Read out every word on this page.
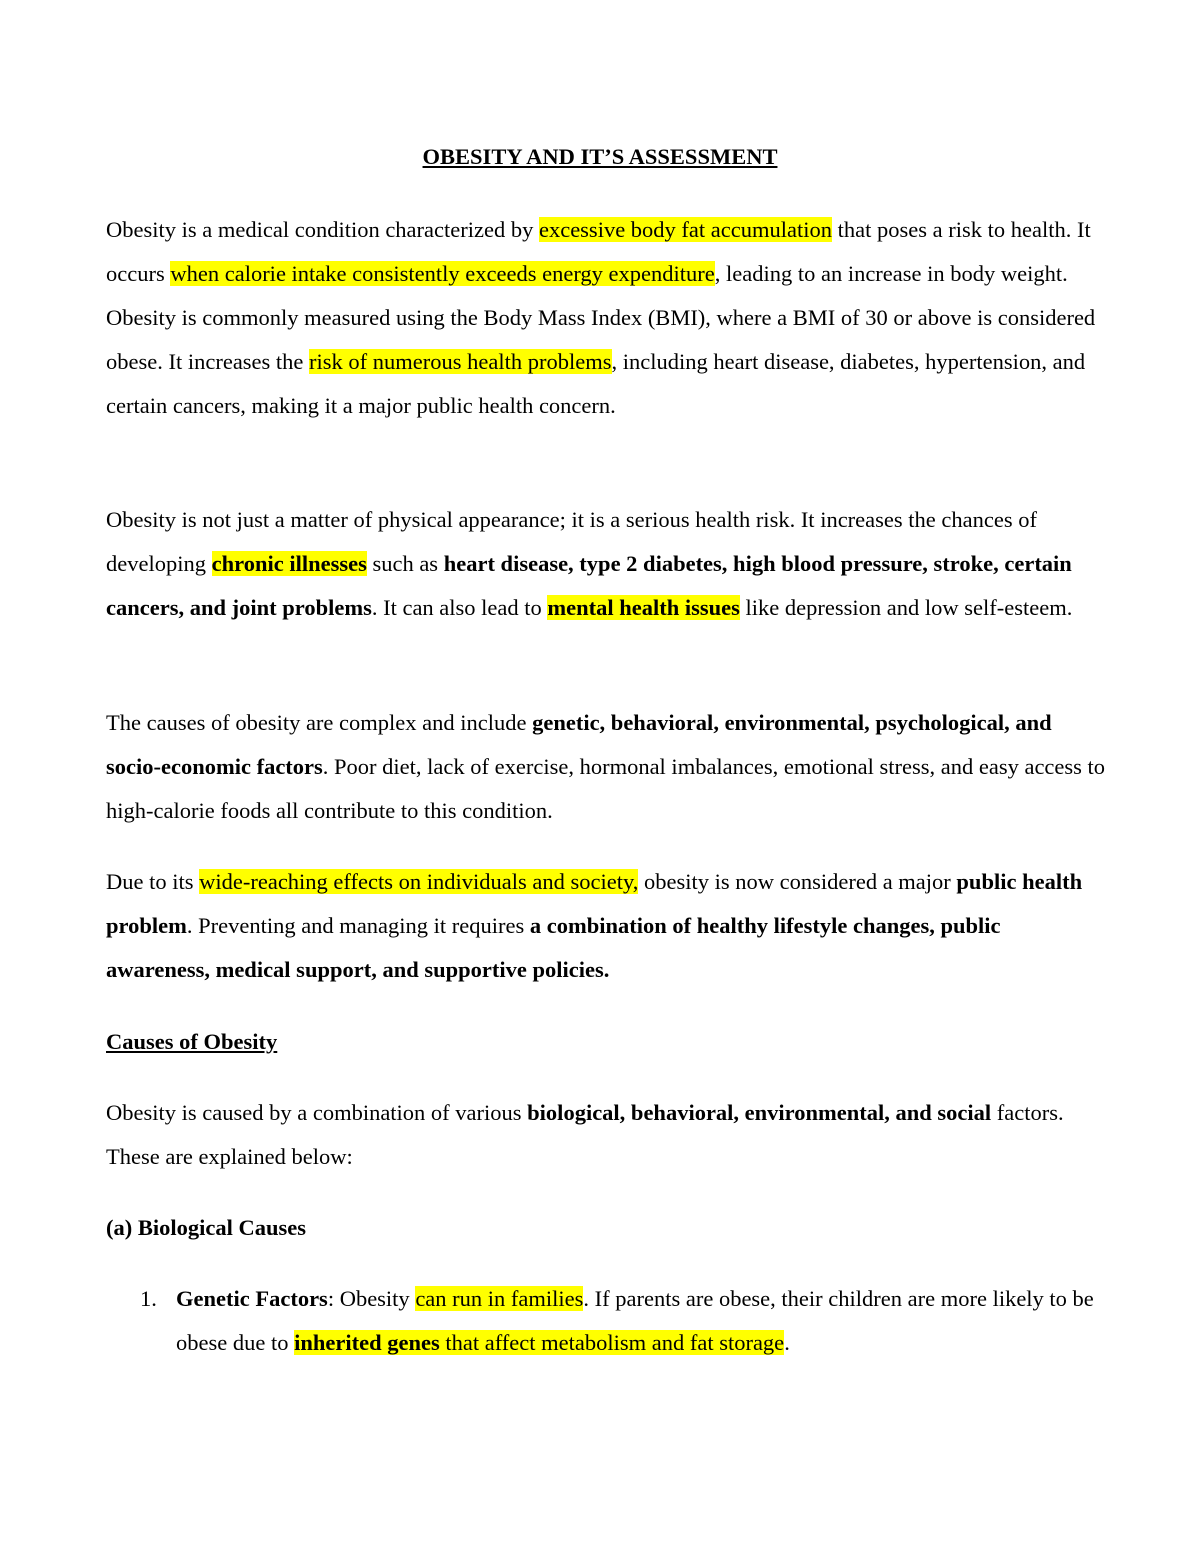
OBESITY AND IT’S ASSESSMENT
Obesity is a medical condition characterized by excessive body fat accumulation that poses a risk to health. It occurs when calorie intake consistently exceeds energy expenditure, leading to an increase in body weight. Obesity is commonly measured using the Body Mass Index (BMI), where a BMI of 30 or above is considered obese. It increases the risk of numerous health problems, including heart disease, diabetes, hypertension, and certain cancers, making it a major public health concern.
Obesity is not just a matter of physical appearance; it is a serious health risk. It increases the chances of developing chronic illnesses such as heart disease, type 2 diabetes, high blood pressure, stroke, certain cancers, and joint problems. It can also lead to mental health issues like depression and low self-esteem.
The causes of obesity are complex and include genetic, behavioral, environmental, psychological, and socio-economic factors. Poor diet, lack of exercise, hormonal imbalances, emotional stress, and easy access to high-calorie foods all contribute to this condition.
Due to its wide-reaching effects on individuals and society, obesity is now considered a major public health problem. Preventing and managing it requires a combination of healthy lifestyle changes, public awareness, medical support, and supportive policies.
Causes of Obesity
Obesity is caused by a combination of various biological, behavioral, environmental, and social factors. These are explained below:
(a) Biological Causes
1. Genetic Factors: Obesity can run in families. If parents are obese, their children are more likely to be obese due to inherited genes that affect metabolism and fat storage.
